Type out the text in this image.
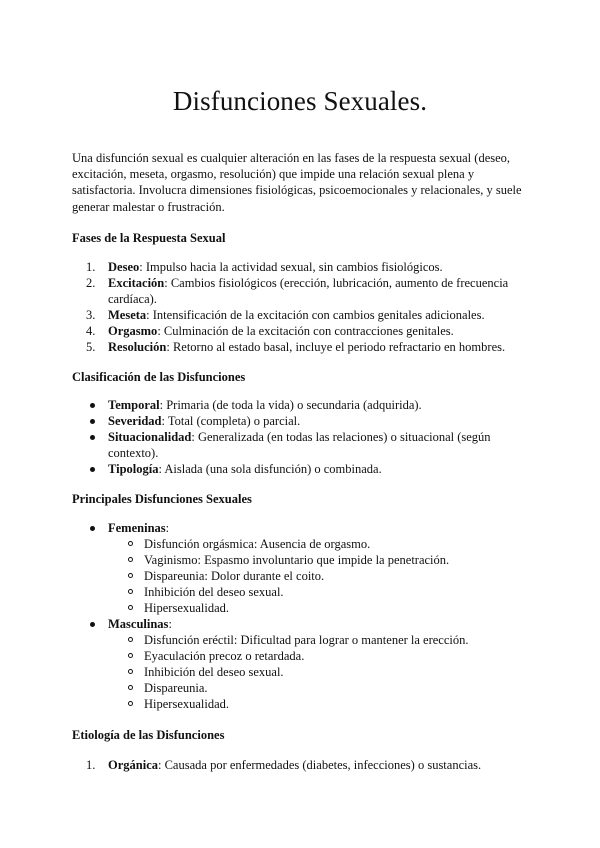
Disfunciones Sexuales.

Una disfunción sexual es cualquier alteración en las fases de la respuesta sexual (deseo, excitación, meseta, orgasmo, resolución) que impide una relación sexual plena y satisfactoria. Involucra dimensiones fisiológicas, psicoemocionales y relacionales, y suele generar malestar o frustración.

Fases de la Respuesta Sexual
1. Deseo: Impulso hacia la actividad sexual, sin cambios fisiológicos.
2. Excitación: Cambios fisiológicos (erección, lubricación, aumento de frecuencia cardíaca).
3. Meseta: Intensificación de la excitación con cambios genitales adicionales.
4. Orgasmo: Culminación de la excitación con contracciones genitales.
5. Resolución: Retorno al estado basal, incluye el periodo refractario en hombres.
Clasificación de las Disfunciones
Temporal: Primaria (de toda la vida) o secundaria (adquirida).
Severidad: Total (completa) o parcial.
Situacionalidad: Generalizada (en todas las relaciones) o situacional (según contexto).
Tipología: Aislada (una sola disfunción) o combinada.
Principales Disfunciones Sexuales
Femeninas:
Disfunción orgásmica: Ausencia de orgasmo.
Vaginismo: Espasmo involuntario que impide la penetración.
Dispareunia: Dolor durante el coito.
Inhibición del deseo sexual.
Hipersexualidad.
Masculinas:
Disfunción eréctil: Dificultad para lograr o mantener la erección.
Eyaculación precoz o retardada.
Inhibición del deseo sexual.
Dispareunia.
Hipersexualidad.
Etiología de las Disfunciones
1. Orgánica: Causada por enfermedades (diabetes, infecciones) o sustancias.
